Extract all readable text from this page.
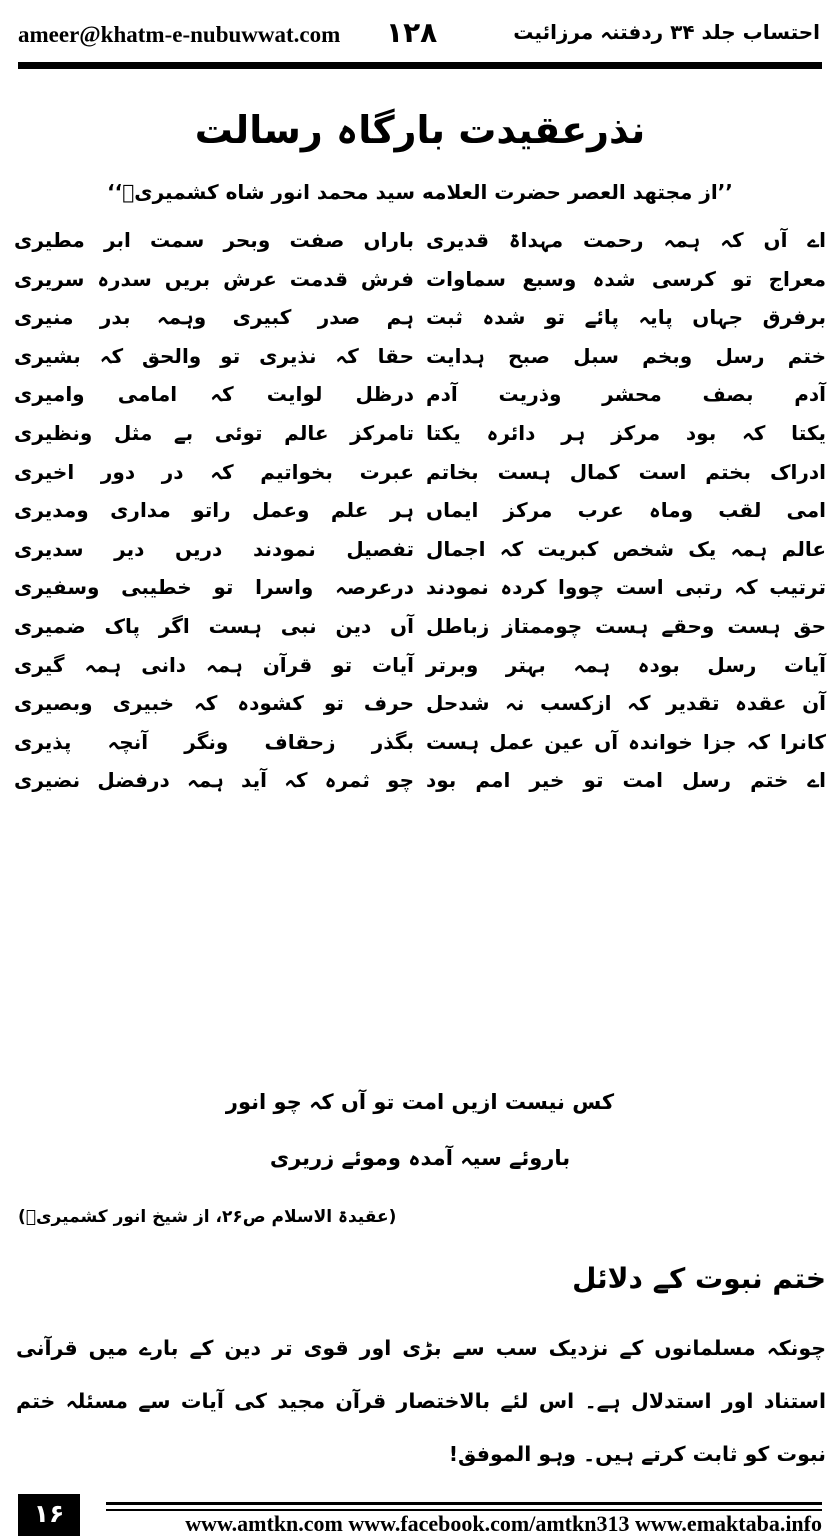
ameer@khatm-e-nubuwwat.com ۱۲۸	احتساب جلد ۳۴ ردفتنہ مرزائیت
نذرعقیدت بارگاہ رسالت
’’از مجتهد العصر حضرت العلامه سيد محمد انور شاه كشميریؒ‘‘
اے آں کہ ہمہ رحمت مہداۃ قدیری
باراں صفت وبحر سمت ابر مطیری
معراج تو کرسی شدہ وسبع سماوات
فرش قدمت عرش بریں سدرہ سریری
برفرق جہاں پایہ پائے تو شدہ ثبت
ہم صدر کبیری وہمہ بدر منیری
ختم رسل وبخم سبل صبح ہدایت
حقا کہ نذیری تو والحق کہ بشیری
آدم بصف محشر وذریت آدم
درظل لوایت کہ امامی وامیری
یکتا کہ بود مرکز ہر دائرہ یکتا
تامرکز عالم توئی بے مثل ونظیری
ادراک بختم است کمال ہست بخاتم
عبرت بخواتیم کہ در دور اخیری
امی لقب وماہ عرب مرکز ایماں
ہر علم وعمل راتو مداری ومدیری
عالم ہمہ یک شخص کبریت کہ اجمال
تفصیل نمودند دریں دیر سدیری
ترتیب کہ رتبی است چووا کردہ نمودند
درعرصہ واسرا تو خطیبی وسفیری
حق ہست وحقے ہست چوممتاز زباطل
آں دین نبی ہست اگر پاک ضمیری
آیات رسل بودہ ہمہ بہتر وبرتر
آیات تو قرآن ہمہ دانی ہمہ گیری
آن عقدہ تقدیر کہ ازکسب نہ شدحل
حرف تو کشودہ کہ خبیری وبصیری
کانرا کہ جزا خواندہ آں عین عمل ہست
بگذر زحقاف ونگر آنچہ پذیری
اے ختم رسل امت تو خیر امم بود
چو ثمرہ کہ آید ہمہ درفضل نضیری
کس نیست ازیں امت تو آں کہ چو انور
باروئے سیہ آمدہ وموئے زریری
(عقیدۃ الاسلام ص۲۶، از شیخ انور کشمیریؒ)
ختم نبوت کے دلائل
چونکہ مسلمانوں کے نزدیک سب سے بڑی اور قوی تر دین کے بارے میں قرآنی استناد اور استدلال ہے۔ اس لئے بالاختصار قرآن مجید کی آیات سے مسئلہ ختم نبوت کو ثابت کرتے ہیں۔ وہو الموفق!
۱۶	www.amtkn.com www.facebook.com/amtkn313 www.emaktaba.info
